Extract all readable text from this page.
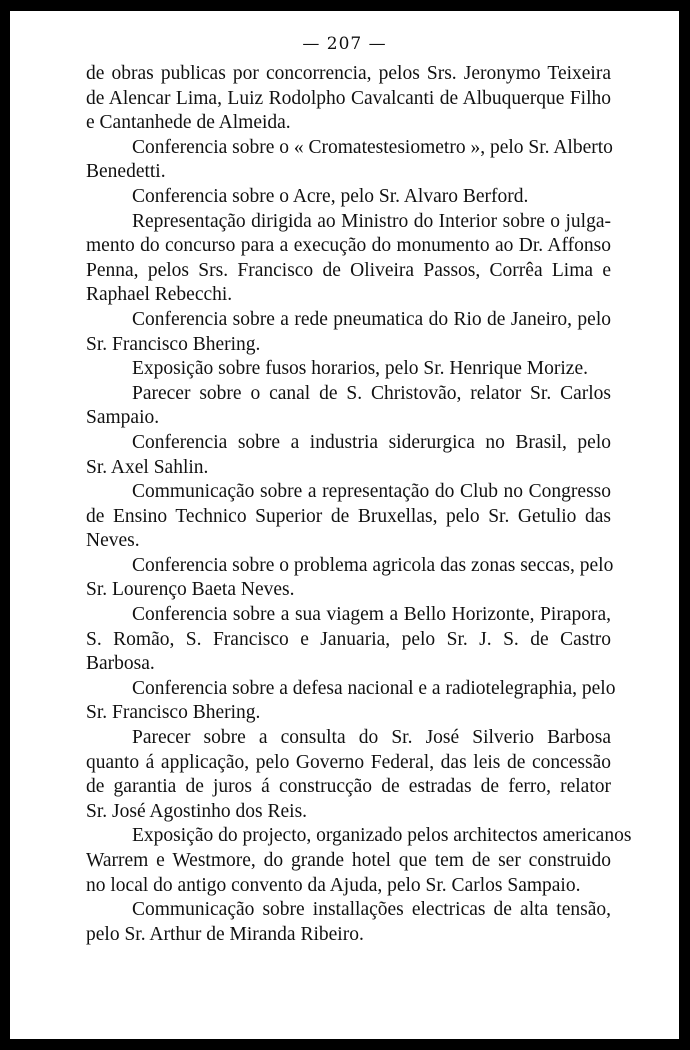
— 207 —

de obras publicas por concorrencia, pelos Srs. Jeronymo Teixeira
de Alencar Lima, Luiz Rodolpho Cavalcanti de Albuquerque Filho
e Cantanhede de Almeida.

Conferencia sobre o « Cromatestesiometro », pelo Sr. Alberto
Benedetti.

Conferencia sobre o Acre, pelo Sr. Alvaro Berford.

Representação dirigida ao Ministro do Interior sobre o julga-
mento do concurso para a execução do monumento ao Dr. Affonso
Penna, pelos Srs. Francisco de Oliveira Passos, Corrêa Lima e
Raphael Rebecchi.

Conferencia sobre a rede pneumatica do Rio de Janeiro, pelo
Sr. Francisco Bhering.

Exposição sobre fusos horarios, pelo Sr. Henrique Morize.

Parecer sobre o canal de S. Christovão, relator Sr. Carlos
Sampaio.

Conferencia sobre a industria siderurgica no Brasil, pelo
Sr. Axel Sahlin.

Communicação sobre a representação do Club no Congresso
de Ensino Technico Superior de Bruxellas, pelo Sr. Getulio das
Neves.

Conferencia sobre o problema agricola das zonas seccas, pelo
Sr. Lourenço Baeta Neves.

Conferencia sobre a sua viagem a Bello Horizonte, Pirapora,
S. Romão, S. Francisco e Januaria, pelo Sr. J. S. de Castro
Barbosa.

Conferencia sobre a defesa nacional e a radiotelegraphia, pelo
Sr. Francisco Bhering.

Parecer sobre a consulta do Sr. José Silverio Barbosa
quanto á applicação, pelo Governo Federal, das leis de concessão
de garantia de juros á construcção de estradas de ferro, relator
Sr. José Agostinho dos Reis.

Exposição do projecto, organizado pelos architectos americanos
Warrem e Westmore, do grande hotel que tem de ser construido
no local do antigo convento da Ajuda, pelo Sr. Carlos Sampaio.

Communicação sobre installações electricas de alta tensão,
pelo Sr. Arthur de Miranda Ribeiro.
